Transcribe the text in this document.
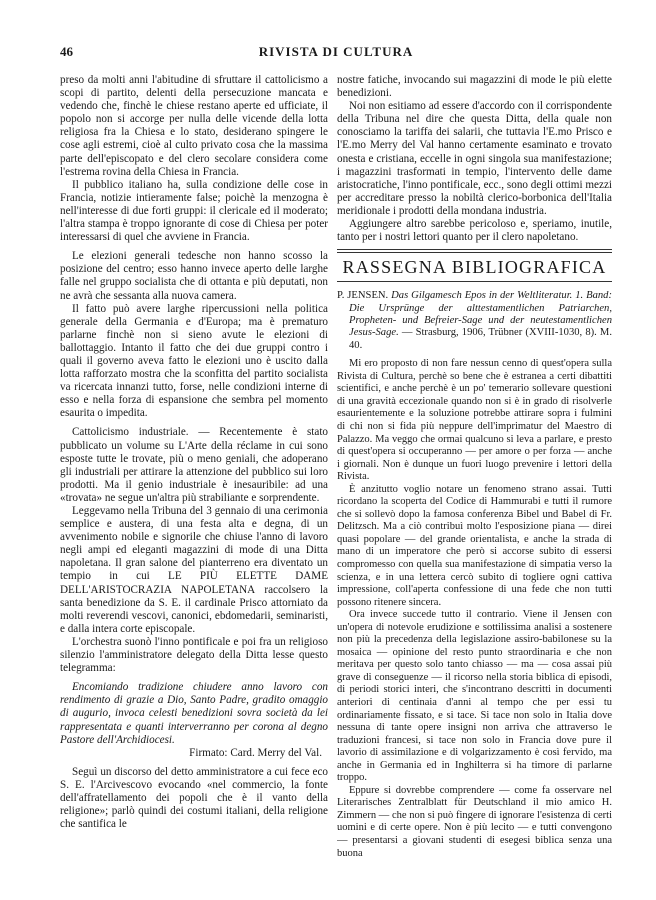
46	RIVISTA DI CULTURA

preso da molti anni l'abitudine di sfruttare il cattolicismo a scopi di partito, delenti della persecuzione mancata e vedendo che, finchè le chiese restano aperte ed ufficiate, il popolo non si accorge per nulla delle vicende della lotta religiosa fra la Chiesa e lo stato, desiderano spingere le cose agli estremi, cioè al culto privato cosa che la massima parte dell'episcopato e del clero secolare considera come l'estrema rovina della Chiesa in Francia.

Il pubblico italiano ha, sulla condizione delle cose in Francia, notizie intieramente false; poichè la menzogna è nell'interesse di due forti gruppi: il clericale ed il moderato; l'altra stampa è troppo ignorante di cose di Chiesa per poter interessarsi di quel che avviene in Francia.

Le elezioni generali tedesche non hanno scosso la posizione del centro; esso hanno invece aperto delle larghe falle nel gruppo socialista che di ottanta e più deputati, non ne avrà che sessanta alla nuova camera.

Il fatto può avere larghe ripercussioni nella politica generale della Germania e d'Europa; ma è prematuro parlarne finchè non si sieno avute le elezioni di ballottaggio. Intanto il fatto che dei due gruppi contro i quali il governo aveva fatto le elezioni uno è uscito dalla lotta rafforzato mostra che la sconfitta del partito socialista va ricercata innanzi tutto, forse, nelle condizioni interne di esso e nella forza di espansione che sembra pel momento esaurita o impedita.

Cattolicismo industriale. — Recentemente è stato pubblicato un volume su L'Arte della réclame in cui sono esposte tutte le trovate, più o meno geniali, che adoperano gli industriali per attirare la attenzione del pubblico sui loro prodotti. Ma il genio industriale è inesauribile: ad una «trovata» ne segue un'altra più strabiliante e sorprendente.

Leggevamo nella Tribuna del 3 gennaio di una cerimonia semplice e austera, di una festa alta e degna, di un avvenimento nobile e signorile che chiuse l'anno di lavoro negli ampi ed eleganti magazzini di mode di una Ditta napoletana. Il gran salone del pianterreno era diventato un tempio in cui LE PIÙ ELETTE DAME DELL'ARISTOCRAZIA NAPOLETANA raccolsero la santa benedizione da S. E. il cardinale Prisco attorniato da molti reverendi vescovi, canonici, ebdomedarii, seminaristi, e dalla intera corte episcopale.

L'orchestra suonò l'inno pontificale e poi fra un religioso silenzio l'amministratore delegato della Ditta lesse questo telegramma:

Encomiando tradizione chiudere anno lavoro con rendimento di grazie a Dio, Santo Padre, gradito omaggio di augurio, invoca celesti benedizioni sovra società da lei rappresentata e quanti interverranno per corona al degno Pastore dell'Archidiocesi.

Firmato: Card. Merry del Val.

Seguì un discorso del detto amministratore a cui fece eco S. E. l'Arcivescovo evocando «nel commercio, la fonte dell'affratellamento dei popoli che è il vanto della religione»; parlò quindi dei costumi italiani, della religione che santifica le

nostre fatiche, invocando sui magazzini di mode le più elette benedizioni.

Noi non esitiamo ad essere d'accordo con il corrispondente della Tribuna nel dire che questa Ditta, della quale non conosciamo la tariffa dei salarii, che tuttavia l'E.mo Prisco e l'E.mo Merry del Val hanno certamente esaminato e trovato onesta e cristiana, eccelle in ogni singola sua manifestazione; i magazzini trasformati in tempio, l'intervento delle dame aristocratiche, l'inno pontificale, ecc., sono degli ottimi mezzi per accreditare presso la nobiltà clerico-borbonica dell'Italia meridionale i prodotti della mondana industria.

Aggiungere altro sarebbe pericoloso e, speriamo, inutile, tanto per i nostri lettori quanto per il clero napoletano.

RASSEGNA BIBLIOGRAFICA
P. JENSEN. Das Gilgamesch Epos in der Weltliteratur. 1. Band: Die Ursprünge der alttestamentlichen Patriarchen, Propheten- und Befreier-Sage und der neutestamentlichen Jesus-Sage. — Strasburg, 1906, Trübner (XVIII-1030, 8). M. 40.

Mi ero proposto di non fare nessun cenno di quest'opera sulla Rivista di Cultura, perchè so bene che è estranea a certi dibattiti scientifici, e anche perchè è un po' temerario sollevare questioni di una gravità eccezionale quando non si è in grado di risolverle esaurientemente e la soluzione potrebbe attirare sopra i fulmini di chi non si fida più neppure dell'imprimatur del Maestro di Palazzo. Ma veggo che ormai qualcuno si leva a parlare, e presto di quest'opera si occuperanno — per amore o per forza — anche i giornali. Non è dunque un fuori luogo prevenire i lettori della Rivista.

È anzitutto voglio notare un fenomeno strano assai. Tutti ricordano la scoperta del Codice di Hammurabi e tutti il rumore che si sollevò dopo la famosa conferenza Bibel und Babel di Fr. Delitzsch. Ma a ciò contribuì molto l'esposizione piana — direi quasi popolare — del grande orientalista, e anche la strada di mano di un imperatore che però si accorse subito di essersi compromesso con quella sua manifestazione di simpatia verso la scienza, e in una lettera cercò subito di togliere ogni cattiva impressione, coll'aperta confessione di una fede che non tutti possono ritenere sincera.

Ora invece succede tutto il contrario. Viene il Jensen con un'opera di notevole erudizione e sottilissima analisi a sostenere non più la precedenza della legislazione assiro-babilonese su la mosaica — opinione del resto punto straordinaria e che non meritava per questo solo tanto chiasso — ma — cosa assai più grave di conseguenze — il ricorso nella storia biblica di episodi, di periodi storici interi, che s'incontrano descritti in documenti anteriori di centinaia d'anni al tempo che per essi tu ordinariamente fissato, e si tace. Si tace non solo in Italia dove nessuna di tante opere insigni non arriva che attraverso le traduzioni francesi, si tace non solo in Francia dove pure il lavorio di assimilazione e di volgarizzamento è così fervido, ma anche in Germania ed in Inghilterra si ha timore di parlarne troppo.

Eppure si dovrebbe comprendere — come fa osservare nel Literarisches Zentralblatt für Deutschland il mio amico H. Zimmern — che non si può fingere di ignorare l'esistenza di certi uomini e di certe opere. Non è più lecito — e tutti convengono — presentarsi a giovani studenti di esegesi biblica senza una buona
